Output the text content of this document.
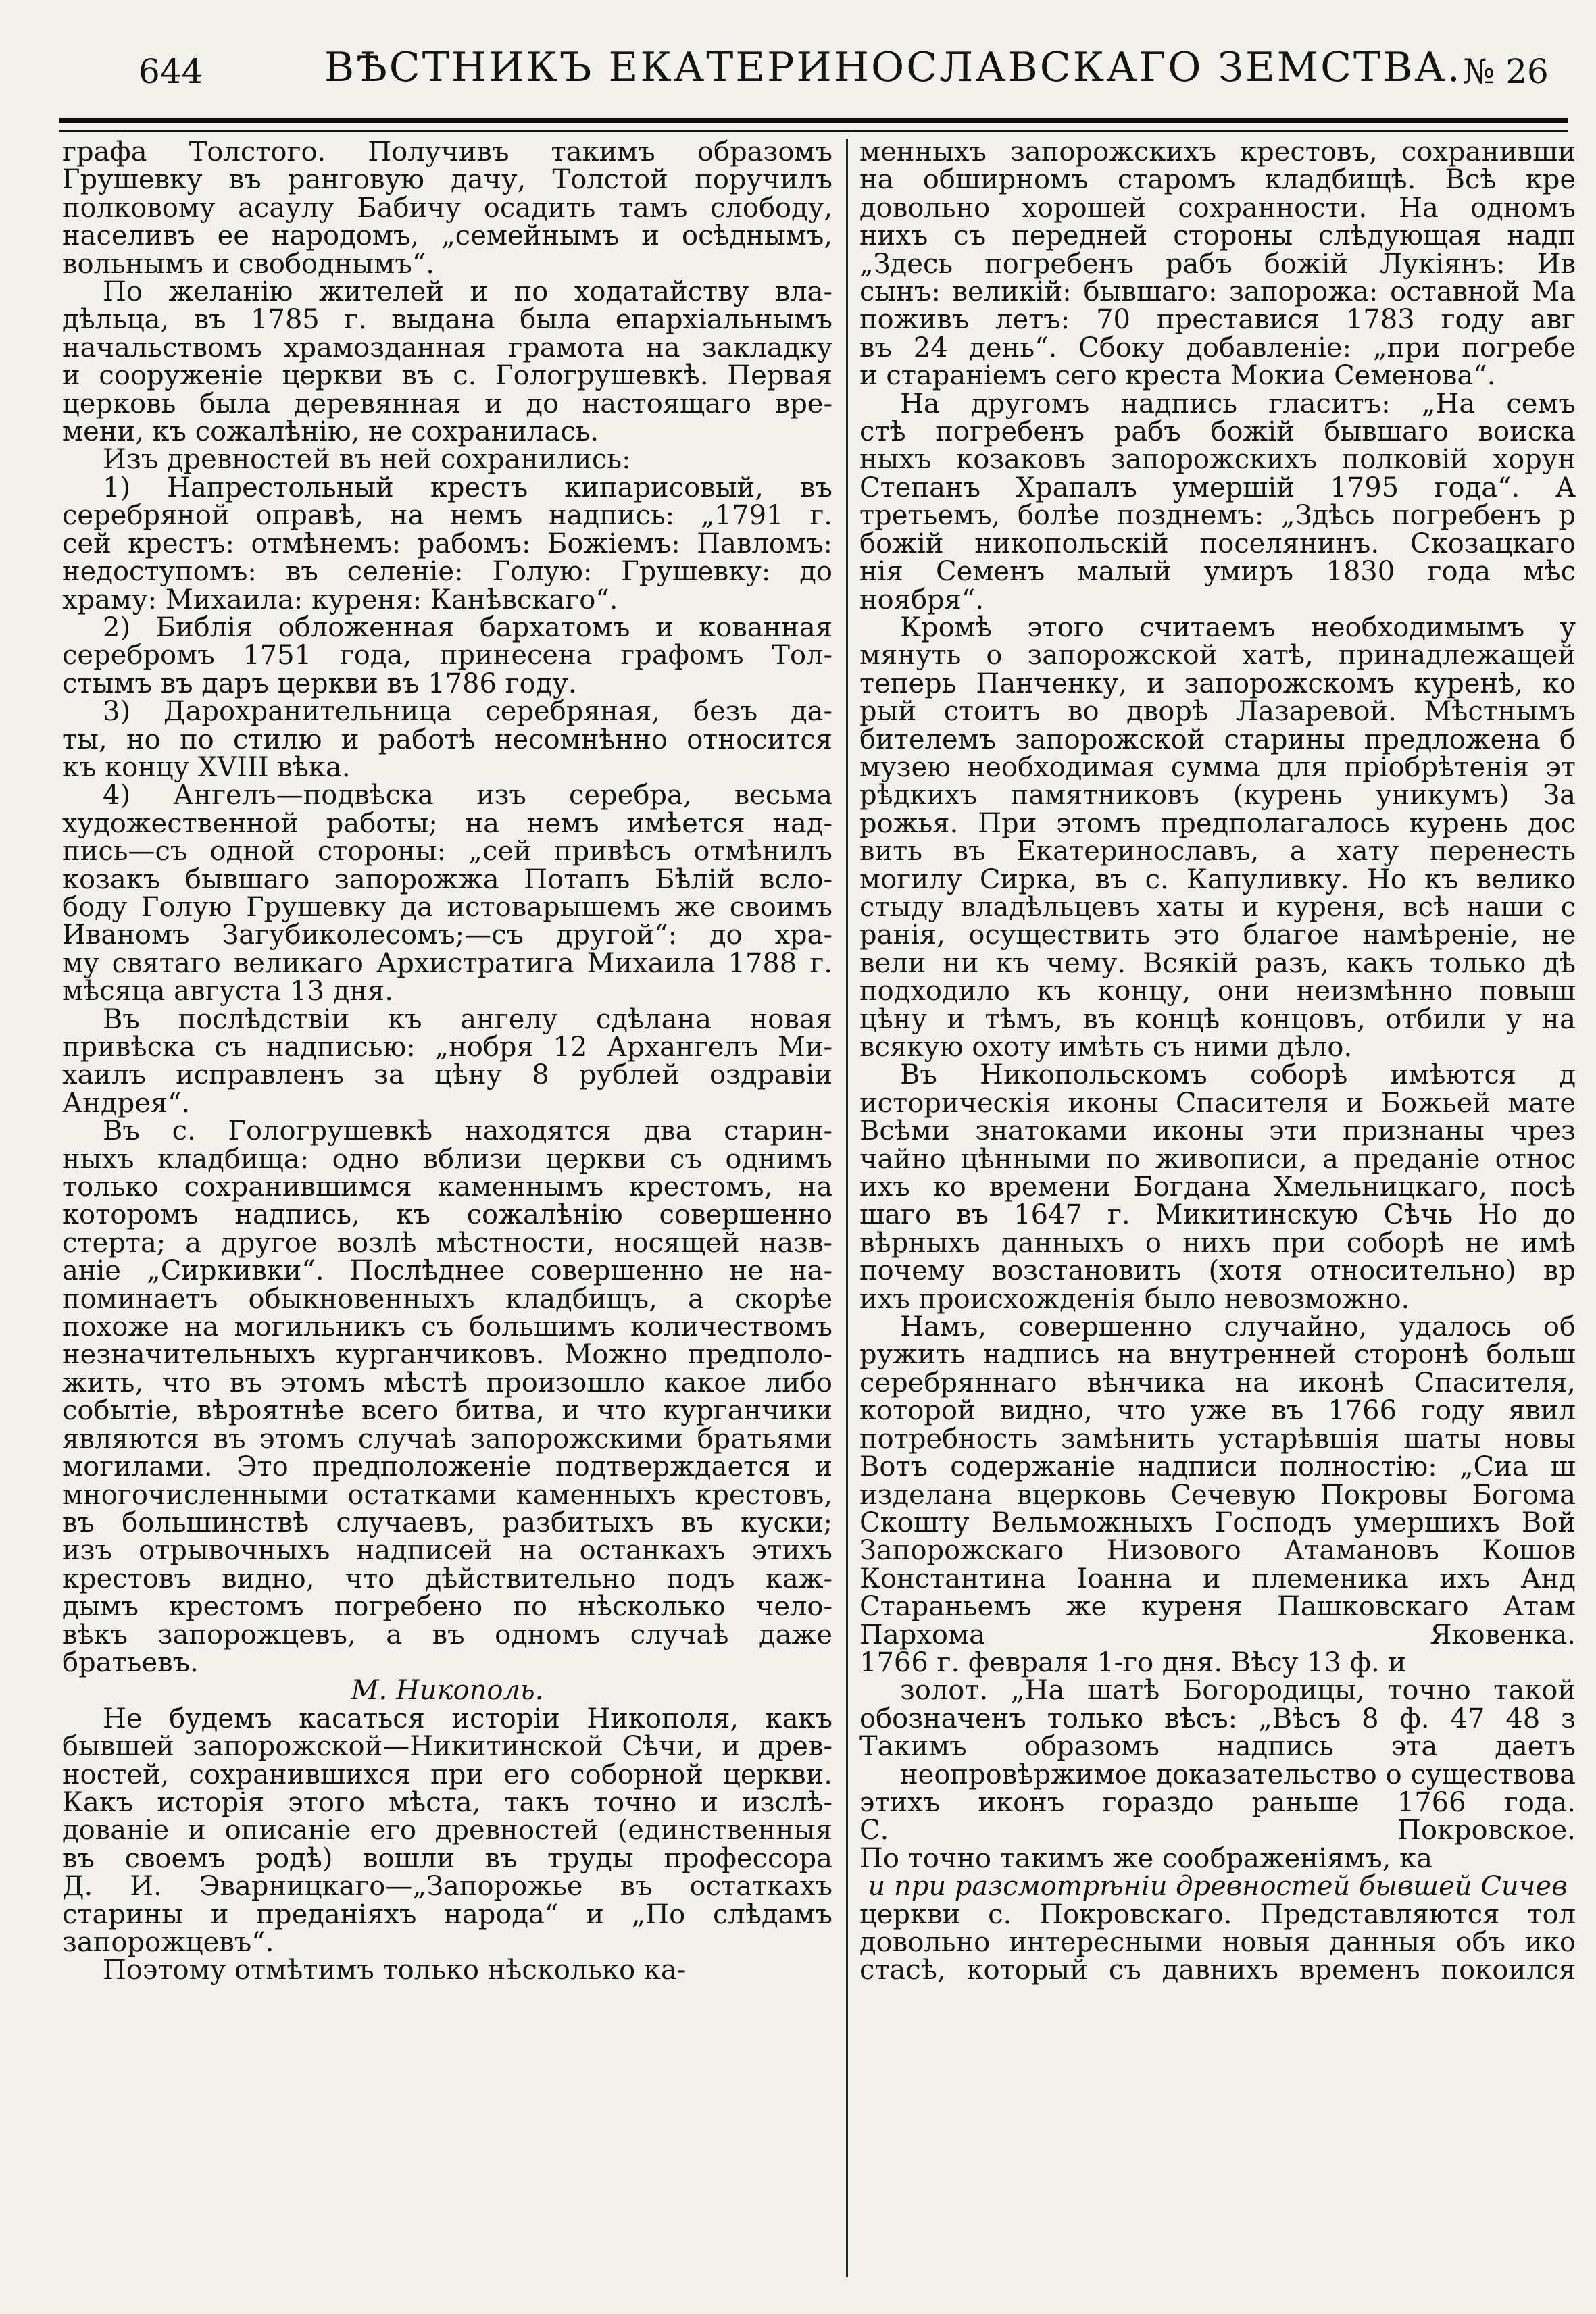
644	ВѢСТНИКЪ ЕКАТЕРИНОСЛАВСКАГО ЗЕМСТВА. № 26
графа Толстого. Получивъ такимъ образомъ
Грушевку въ ранговую дачу, Толстой поручилъ
полковому асаулу Бабичу осадить тамъ слободу,
населивъ ее народомъ, „семейнымъ и осѣднымъ,
вольнымъ и свободнымъ“.
По желанію жителей и по ходатайству вла-
дѣльца, въ 1785 г. выдана была епархіальнымъ
начальствомъ храмозданная грамота на закладку
и сооруженіе церкви въ с. Гологрушевкѣ. Первая
церковь была деревянная и до настоящаго вре-
мени, къ сожалѣнію, не сохранилась.
Изъ древностей въ ней сохранились:
1) Напрестольный крестъ кипарисовый, въ
серебряной оправѣ, на немъ надпись: „1791 г.
сей крестъ: отмѣнемъ: рабомъ: Божіемъ: Павломъ:
недоступомъ: въ селеніе: Голую: Грушевку: до
храму: Михаила: куреня: Канѣвскаго“.
2) Библія обложенная бархатомъ и кованная
серебромъ 1751 года, принесена графомъ Тол-
стымъ въ даръ церкви въ 1786 году.
3) Дарохранительница серебряная, безъ да-
ты, но по стилю и работѣ несомнѣнно относится
къ концу XVIII вѣка.
4) Ангелъ—подвѣска изъ серебра, весьма
художественной работы; на немъ имѣется над-
пись—съ одной стороны: „сей привѣсъ отмѣнилъ
козакъ бывшаго запорожжа Потапъ Бѣлій всло-
боду Голую Грушевку да истоварышемъ же своимъ
Иваномъ Загубиколесомъ;—съ другой“: до хра-
му святаго великаго Архистратига Михаила 1788 г.
мѣсяца августа 13 дня.
Въ послѣдствіи къ ангелу сдѣлана новая
привѣска съ надписью: „нобря 12 Архангелъ Ми-
хаилъ исправленъ за цѣну 8 рублей оздравіи
Андрея“.
Въ с. Гологрушевкѣ находятся два старин-
ныхъ кладбища: одно вблизи церкви съ однимъ
только сохранившимся каменнымъ крестомъ, на
которомъ надпись, къ сожалѣнію совершенно
стерта; а другое возлѣ мѣстности, носящей назв-
аніе „Сиркивки“. Послѣднее совершенно не на-
поминаетъ обыкновенныхъ кладбищъ, а скорѣе
похоже на могильникъ съ большимъ количествомъ
незначительныхъ курганчиковъ. Можно предполо-
жить, что въ этомъ мѣстѣ произошло какое либо
событіе, вѣроятнѣе всего битва, и что курганчики
являются въ этомъ случаѣ запорожскими братьями
могилами. Это предположеніе подтверждается и
многочисленными остатками каменныхъ крестовъ,
въ большинствѣ случаевъ, разбитыхъ въ куски;
изъ отрывочныхъ надписей на останкахъ этихъ
крестовъ видно, что дѣйствительно подъ каж-
дымъ крестомъ погребено по нѣсколько чело-
вѣкъ запорожцевъ, а въ одномъ случаѣ даже
братьевъ.
М. Никополь.
Не будемъ касаться исторіи Никополя, какъ
бывшей запорожской—Никитинской Сѣчи, и древ-
ностей, сохранившихся при его соборной церкви.
Какъ исторія этого мѣста, такъ точно и изслѣ-
дованіе и описаніе его древностей (единственныя
въ своемъ родѣ) вошли въ труды профессора
Д. И. Эварницкаго—„Запорожье въ остаткахъ
старины и преданіяхъ народа“ и „По слѣдамъ
запорожцевъ“.
Поэтому отмѣтимъ только нѣсколько ка-
менныхъ запорожскихъ крестовъ, сохранивши
на обширномъ старомъ кладбищѣ. Всѣ кре
довольно хорошей сохранности. На одномъ
нихъ съ передней стороны слѣдующая надп
„Здесь погребенъ рабъ божій Лукіянъ: Ив
сынъ: великій: бывшаго: запорожа: оставной Ма
поживъ летъ: 70 преставися 1783 году авг
въ 24 день“. Сбоку добавленіе: „при погребе
и стараніемъ сего креста Мокиа Семенова“.
На другомъ надпись гласитъ: „На семъ
стѣ погребенъ рабъ божій бывшаго воиска
ныхъ козаковъ запорожскихъ полковій хорун
Степанъ Храпалъ умершій 1795 года“. А
третьемъ, болѣе позднемъ: „Здѣсь погребенъ р
божій никопольскій поселянинъ. Скозацкаго
нія Семенъ малый умиръ 1830 года мѣс
ноября“.
Кромѣ этого считаемъ необходимымъ у
мянуть о запорожской хатѣ, принадлежащей
теперь Панченку, и запорожскомъ куренѣ, ко
рый стоитъ во дворѣ Лазаревой. Мѣстнымъ
бителемъ запорожской старины предложена б
музею необходимая сумма для пріобрѣтенія эт
рѣдкихъ памятниковъ (курень уникумъ) За
рожья. При этомъ предполагалось курень дос
вить въ Екатеринославъ, а хату перенесть
могилу Сирка, въ с. Капуливку. Но къ велико
стыду владѣльцевъ хаты и куреня, всѣ наши с
ранія, осуществить это благое намѣреніе, не
вели ни къ чему. Всякій разъ, какъ только дѣ
подходило къ концу, они неизмѣнно повыш
цѣну и тѣмъ, въ концѣ концовъ, отбили у на
всякую охоту имѣть съ ними дѣло.
Въ Никопольскомъ соборѣ имѣются д
историческія иконы Спасителя и Божьей мате
Всѣми знатоками иконы эти признаны чрез
чайно цѣнными по живописи, а преданіе относ
ихъ ко времени Богдана Хмельницкаго, посѣ
шаго въ 1647 г. Микитинскую Сѣчь Но до
вѣрныхъ данныхъ о нихъ при соборѣ не имѣ
почему возстановить (хотя относительно) вр
ихъ происхожденія было невозможно.
Намъ, совершенно случайно, удалось об
ружить надпись на внутренней сторонѣ больш
серебряннаго вѣнчика на иконѣ Спасителя,
которой видно, что уже въ 1766 году явил
потребность замѣнить устарѣвшія шаты новы
Вотъ содержаніе надписи полностію: „Сиа ш
изделана вцерковь Сечевую Покровы Богома
Скошту Вельможныхъ Господъ умершихъ Вой
Запорожскаго Низового Атамановъ Кошов
Константина Іоанна и племеника ихъ Анд
Стараньемъ же куреня Пашковскаго Атам
Пархома Яковенка.
1766 г. февраля 1-го дня. Вѣсу 13 ф. и
золот. „На шатѣ Богородицы, точно такой
обозначенъ только вѣсъ: „Вѣсъ 8 ф. 47 48 з
Такимъ образомъ надпись эта даетъ
неопровѣржимое доказательство о существова
этихъ иконъ гораздо раньше 1766 года.
С. Покровское.
По точно такимъ же соображеніямъ, ка
и при разсмотрѣніи древностей бывшей Сичев
церкви с. Покровскаго. Представляются тол
довольно интересными новыя данныя объ ико
стасѣ, который съ давнихъ временъ покоился
